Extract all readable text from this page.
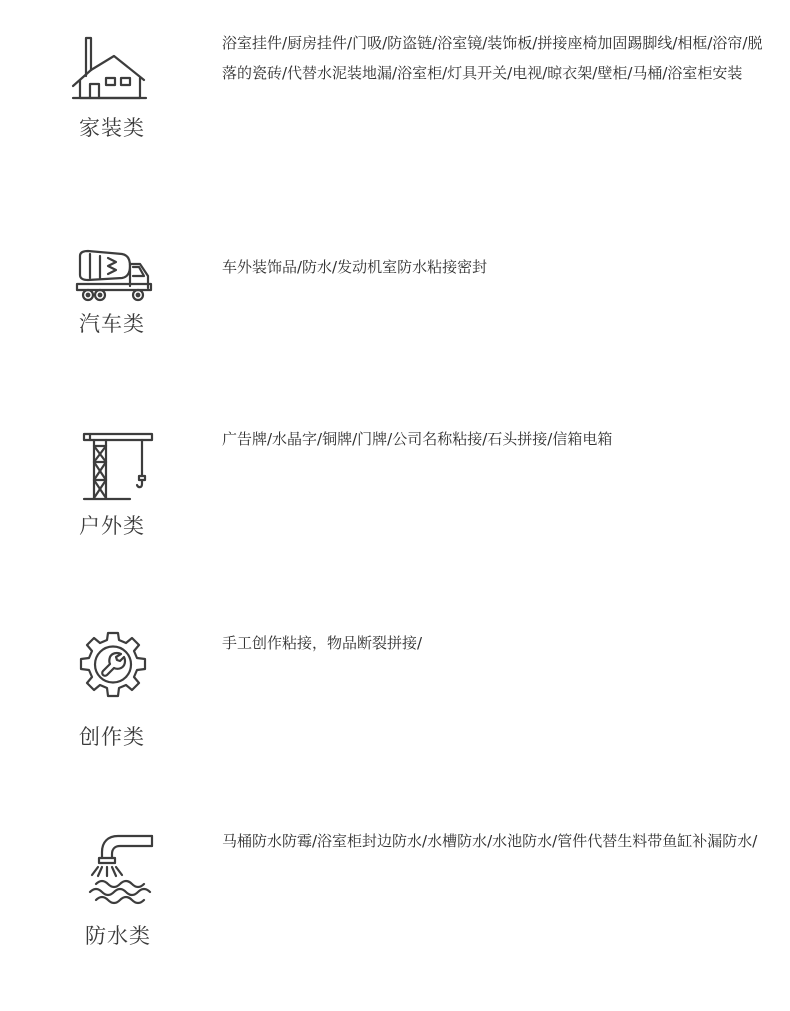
家装类
浴室挂件/厨房挂件/门吸/防盗链/浴室镜/装饰板/拼接座椅加固踢脚线/相框/浴帘/脱落的瓷砖/代替水泥装地漏/浴室柜/灯具开关/电视/晾衣架/壁柜/马桶/浴室柜安装
汽车类
车外装饰品/防水/发动机室防水粘接密封
户外类
广告牌/水晶字/铜牌/门牌/公司名称粘接/石头拼接/信箱电箱
创作类
手工创作粘接，物品断裂拼接/
防水类
马桶防水防霉/浴室柜封边防水/水槽防水/水池防水/管件代替生料带鱼缸补漏防水/
